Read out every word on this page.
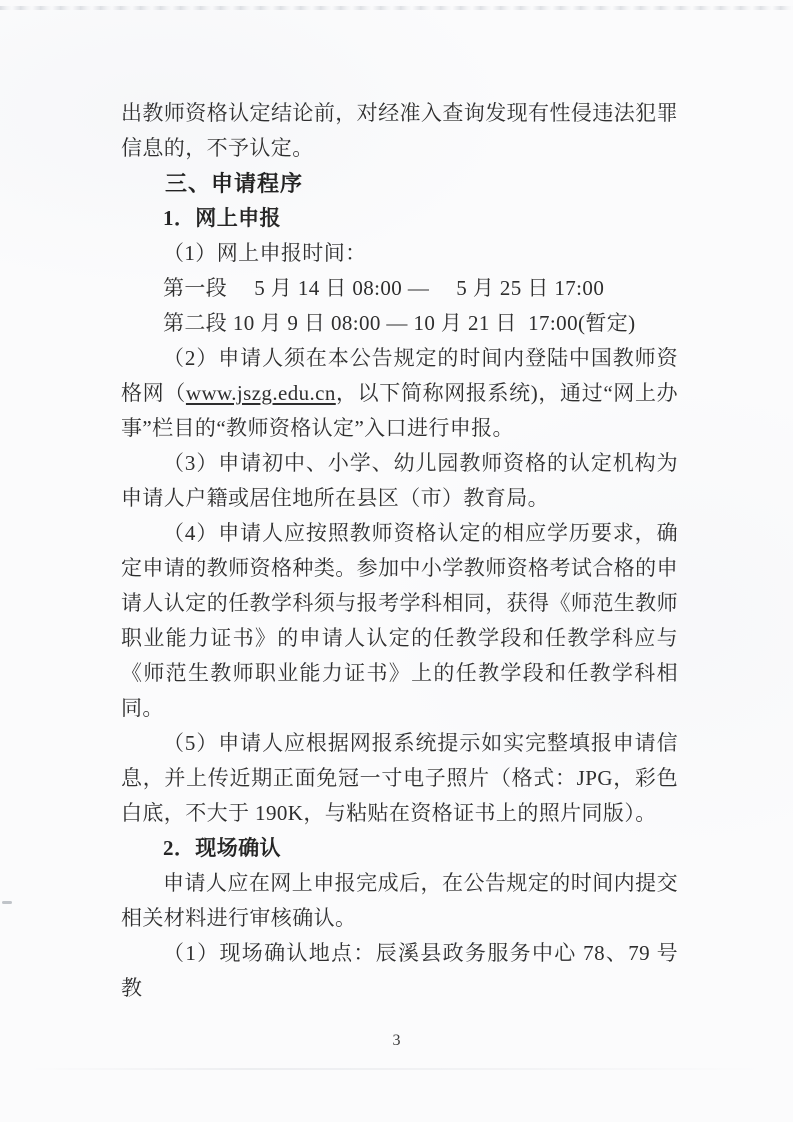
出教师资格认定结论前，对经准入查询发现有性侵违法犯罪信息的，不予认定。

三、申请程序

1．网上申报

（1）网上申报时间：

第一段　 5 月 14 日 08:00 —　 5 月 25 日 17:00

第二段 10 月 9 日 08:00 — 10 月 21 日  17:00(暂定)

（2）申请人须在本公告规定的时间内登陆中国教师资格网（www.jszg.edu.cn，以下简称网报系统)，通过“网上办事”栏目的“教师资格认定”入口进行申报。

（3）申请初中、小学、幼儿园教师资格的认定机构为申请人户籍或居住地所在县区（市）教育局。

（4）申请人应按照教师资格认定的相应学历要求，确定申请的教师资格种类。参加中小学教师资格考试合格的申请人认定的任教学科须与报考学科相同，获得《师范生教师职业能力证书》的申请人认定的任教学段和任教学科应与《师范生教师职业能力证书》上的任教学段和任教学科相同。

（5）申请人应根据网报系统提示如实完整填报申请信息，并上传近期正面免冠一寸电子照片（格式：JPG，彩色白底，不大于 190K，与粘贴在资格证书上的照片同版）。

2．现场确认

申请人应在网上申报完成后，在公告规定的时间内提交相关材料进行审核确认。

（1）现场确认地点：辰溪县政务服务中心 78、79 号教

3
